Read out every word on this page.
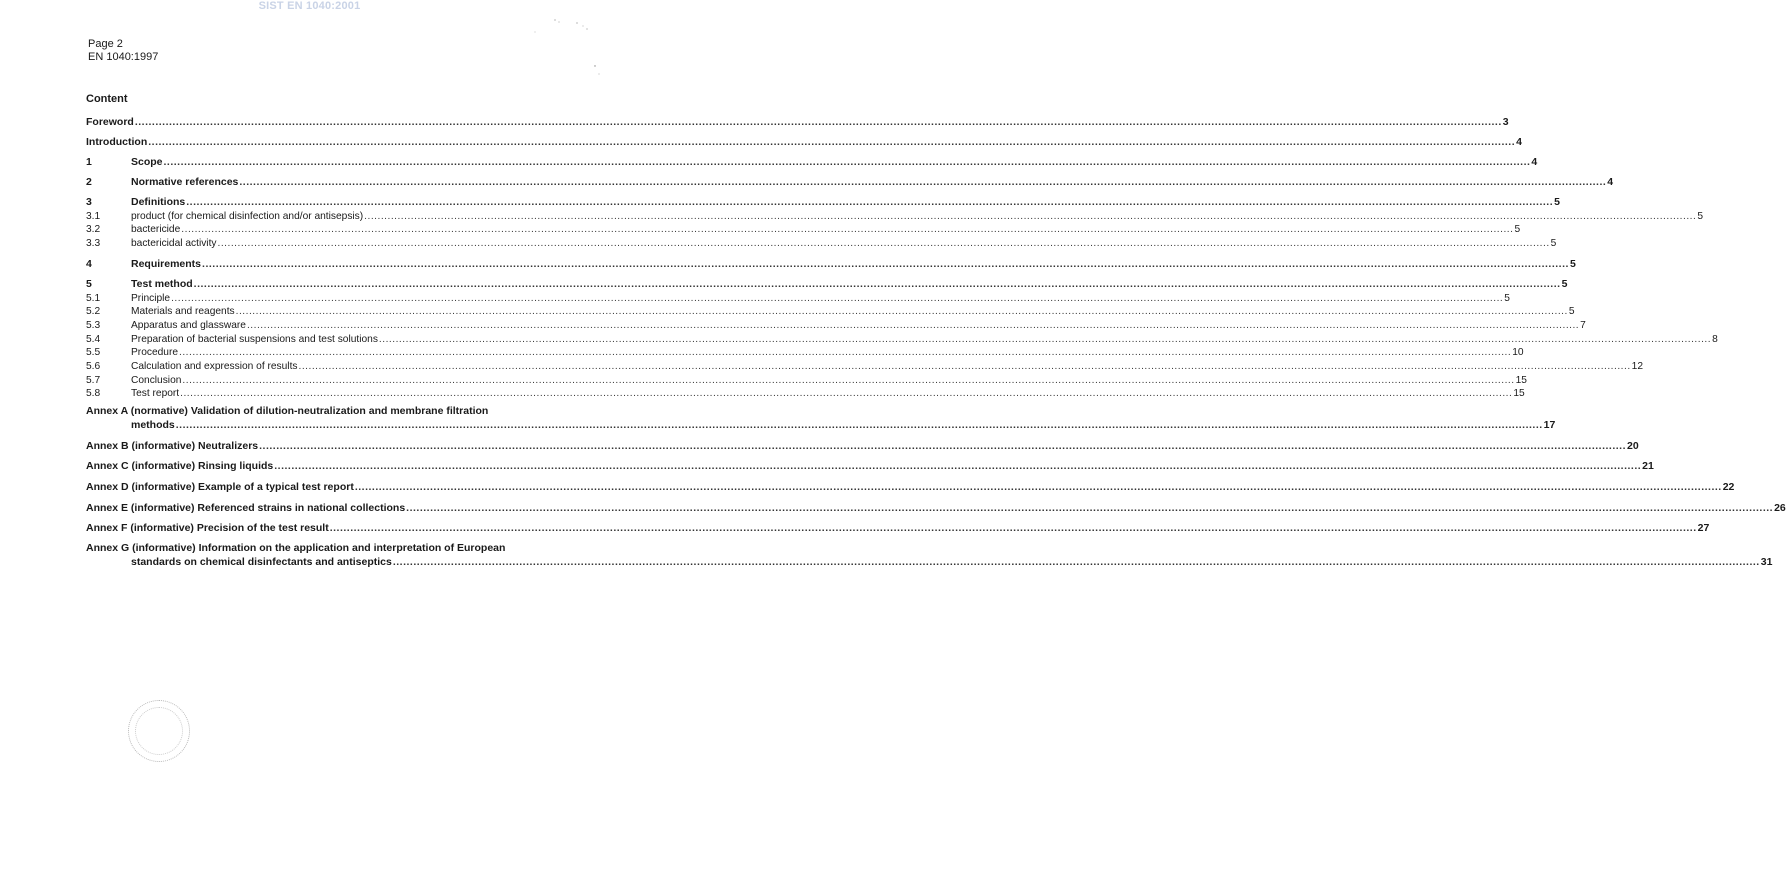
SIST EN 1040:2001
Page 2
EN 1040:1997
Content
Foreword ................................................................................................................................................................................................................................................................................................................................................................................................................ 3
Introduction ................................................................................................................................................................................................................................................................................................................................................................................................................ 4
1	Scope ................................................................................................................................................................................................................................................................................................................................................................................................................ 4
2	Normative references ................................................................................................................................................................................................................................................................................................................................................................................................................ 4
3	Definitions ................................................................................................................................................................................................................................................................................................................................................................................................................ 5
3.1	product (for chemical disinfection and/or antisepsis) ................................................................................................................................................................................................................................................................................................................................................................................................................ 5
3.2	bactericide ................................................................................................................................................................................................................................................................................................................................................................................................................ 5
3.3	bactericidal activity ................................................................................................................................................................................................................................................................................................................................................................................................................ 5
4	Requirements ................................................................................................................................................................................................................................................................................................................................................................................................................ 5
5	Test method ................................................................................................................................................................................................................................................................................................................................................................................................................ 5
5.1	Principle ................................................................................................................................................................................................................................................................................................................................................................................................................ 5
5.2	Materials and reagents ................................................................................................................................................................................................................................................................................................................................................................................................................ 5
5.3	Apparatus and glassware ................................................................................................................................................................................................................................................................................................................................................................................................................ 7
5.4	Preparation of bacterial suspensions and test solutions ................................................................................................................................................................................................................................................................................................................................................................................................................ 8
5.5	Procedure ................................................................................................................................................................................................................................................................................................................................................................................................................ 10
5.6	Calculation and expression of results ................................................................................................................................................................................................................................................................................................................................................................................................................ 12
5.7	Conclusion ................................................................................................................................................................................................................................................................................................................................................................................................................ 15
5.8	Test report ................................................................................................................................................................................................................................................................................................................................................................................................................ 15
Annex A (normative) Validation of dilution-neutralization and membrane filtration
methods ................................................................................................................................................................................................................................................................................................................................................................................................................ 17
Annex B (informative) Neutralizers ................................................................................................................................................................................................................................................................................................................................................................................................................ 20
Annex C (informative) Rinsing liquids ................................................................................................................................................................................................................................................................................................................................................................................................................ 21
Annex D (informative) Example of a typical test report ................................................................................................................................................................................................................................................................................................................................................................................................................ 22
Annex E (informative) Referenced strains in national collections ................................................................................................................................................................................................................................................................................................................................................................................................................ 26
Annex F (informative) Precision of the test result ................................................................................................................................................................................................................................................................................................................................................................................................................ 27
Annex G (informative) Information on the application and interpretation of European
standards on chemical disinfectants and antiseptics ................................................................................................................................................................................................................................................................................................................................................................................................................ 31
